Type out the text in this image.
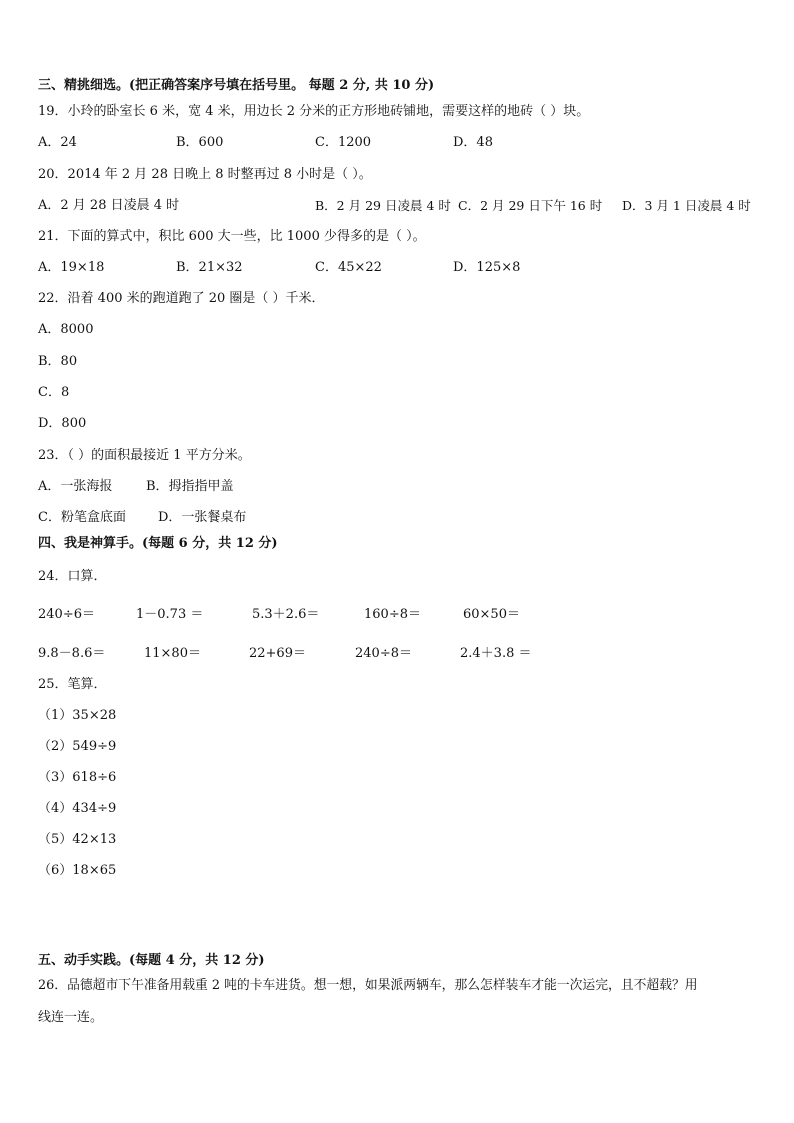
三、精挑细选。(把正确答案序号填在括号里。 每题 2 分, 共 10 分)
19．小玲的卧室长 6 米，宽 4 米，用边长 2 分米的正方形地砖铺地，需要这样的地砖（ ）块。
A．24	B．600	C．1200	D．48
20．2014 年 2 月 28 日晚上 8 时整再过 8 小时是（ ）。
A．2 月 28 日凌晨 4 时	B．2 月 29 日凌晨 4 时 C．2 月 29 日下午 16 时 D．3 月 1 日凌晨 4 时
21．下面的算式中，积比 600 大一些，比 1000 少得多的是（ ）。
A．19×18	B．21×32	C．45×22	D．125×8
22．沿着 400 米的跑道跑了 20 圈是（ ）千米．
A．8000
B．80
C．8
D．800
23．（ ）的面积最接近 1 平方分米。
A．一张海报	B．拇指指甲盖
C．粉笔盒底面 D．一张餐桌布
四、我是神算手。(每题 6 分，共 12 分)
24．口算．
240÷6＝	1－0.73 ＝	5.3＋2.6＝	160÷8＝	60×50＝
9.8－8.6＝	11×80＝	22+69＝	240÷8＝	2.4＋3.8 ＝
25．笔算．
（1）35×28
（2）549÷9
（3）618÷6
（4）434÷9
（5）42×13
（6）18×65
五、动手实践。(每题 4 分，共 12 分)
26．品德超市下午准备用载重 2 吨的卡车进货。想一想，如果派两辆车，那么怎样装车才能一次运完，且不超载？用
线连一连。
